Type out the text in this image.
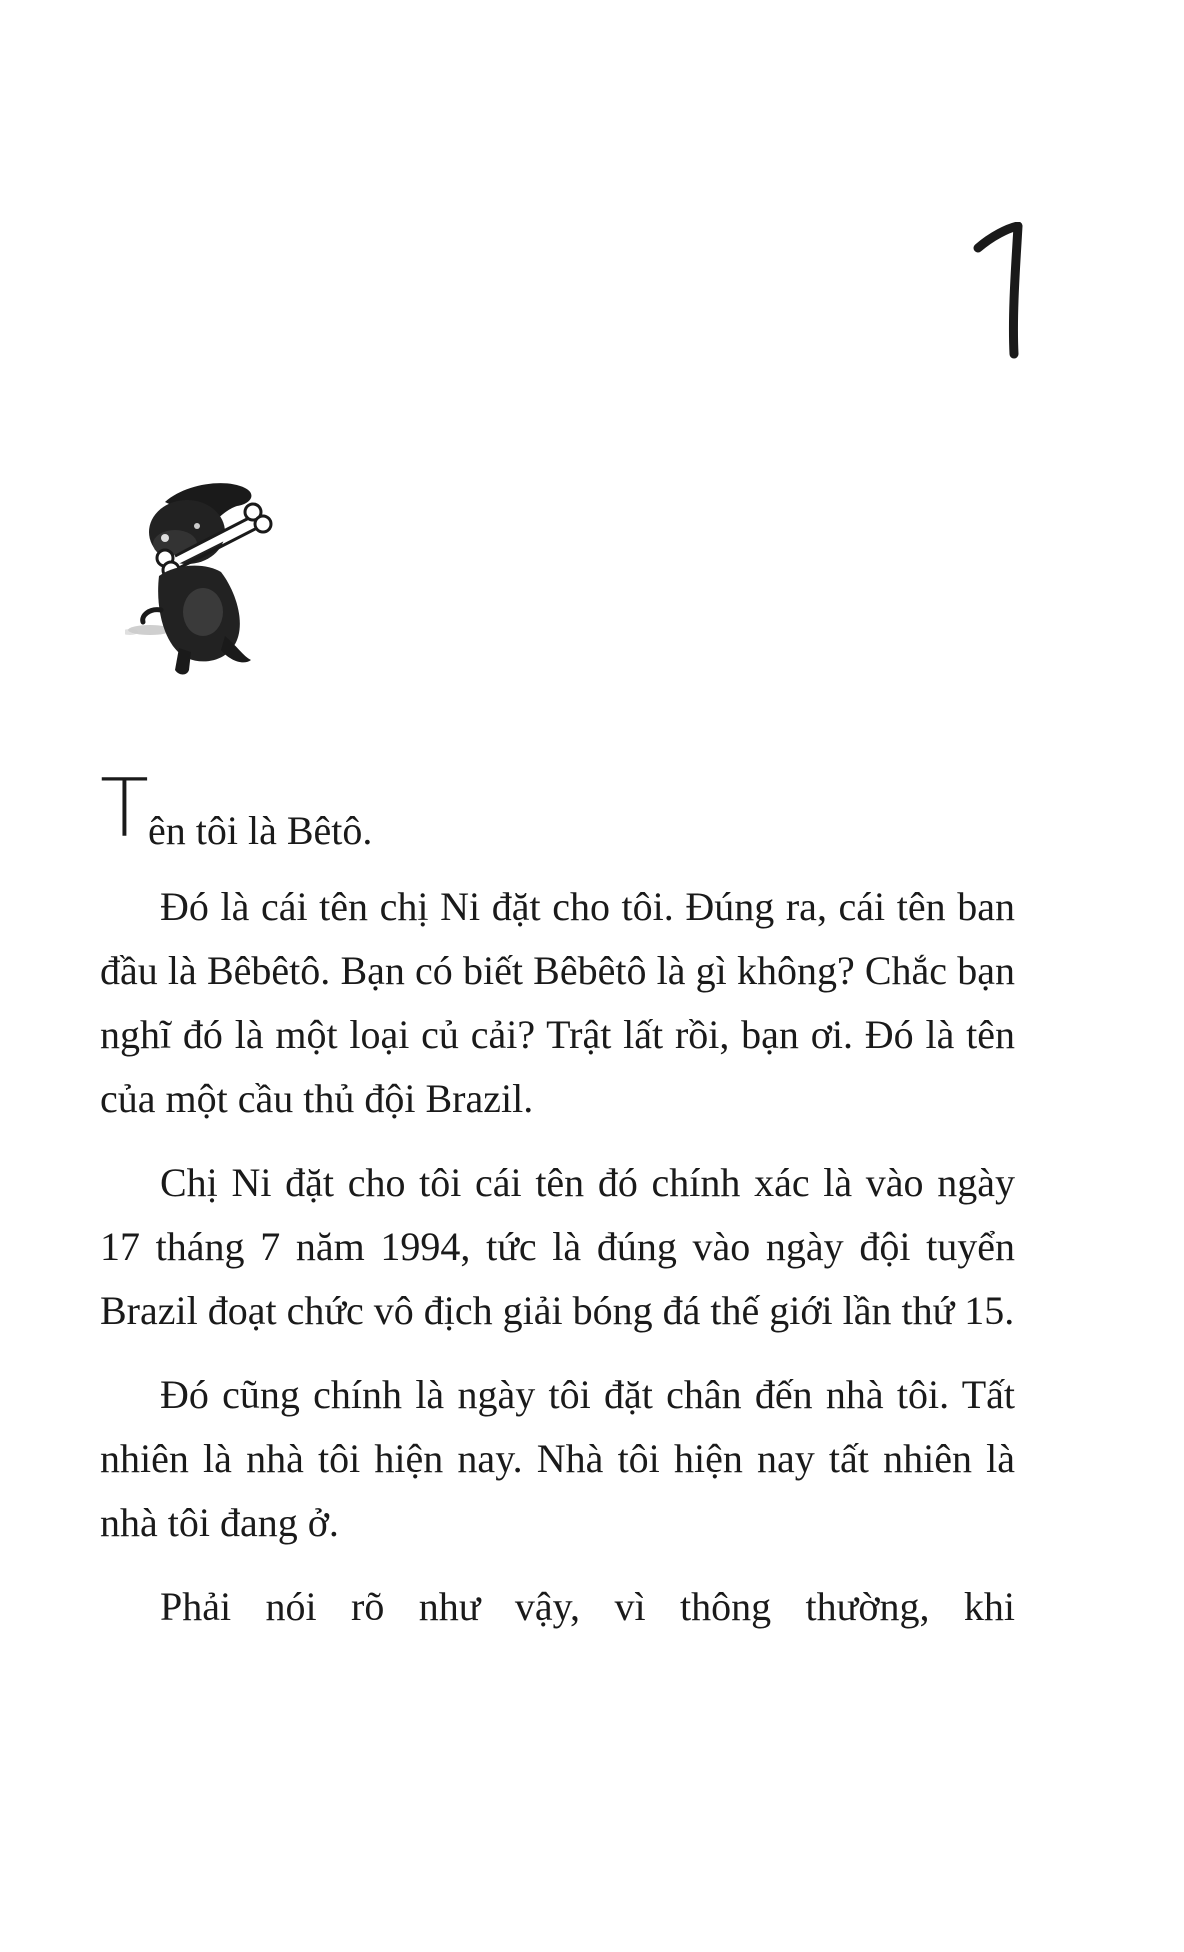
T ên tôi là Bêtô.

Đó là cái tên chị Ni đặt cho tôi. Đúng ra, cái tên ban đầu là Bêbêtô. Bạn có biết Bêbêtô là gì không? Chắc bạn nghĩ đó là một loại củ cải? Trật lất rồi, bạn ơi. Đó là tên của một cầu thủ đội Brazil.

Chị Ni đặt cho tôi cái tên đó chính xác là vào ngày 17 tháng 7 năm 1994, tức là đúng vào ngày đội tuyển Brazil đoạt chức vô địch giải bóng đá thế giới lần thứ 15.

Đó cũng chính là ngày tôi đặt chân đến nhà tôi. Tất nhiên là nhà tôi hiện nay. Nhà tôi hiện nay tất nhiên là nhà tôi đang ở.

Phải nói rõ như vậy, vì thông thường, khi
